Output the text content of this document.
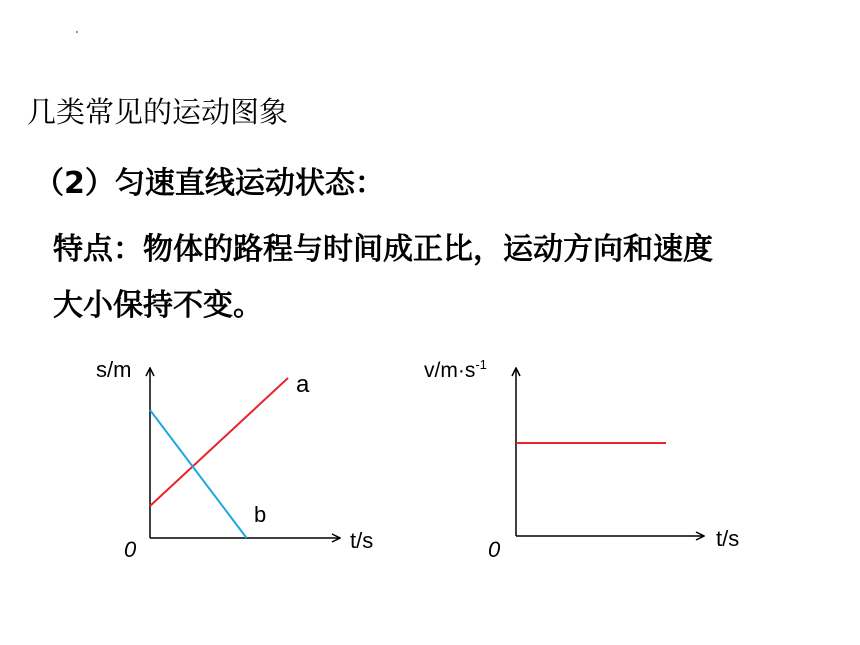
几类常见的运动图象
（2）匀速直线运动状态：
特点：物体的路程与时间成正比，运动方向和速度
大小保持不变。
s/m
t/s
0
a
b
$v/m\cdot s^{-1}$
t/s
0
